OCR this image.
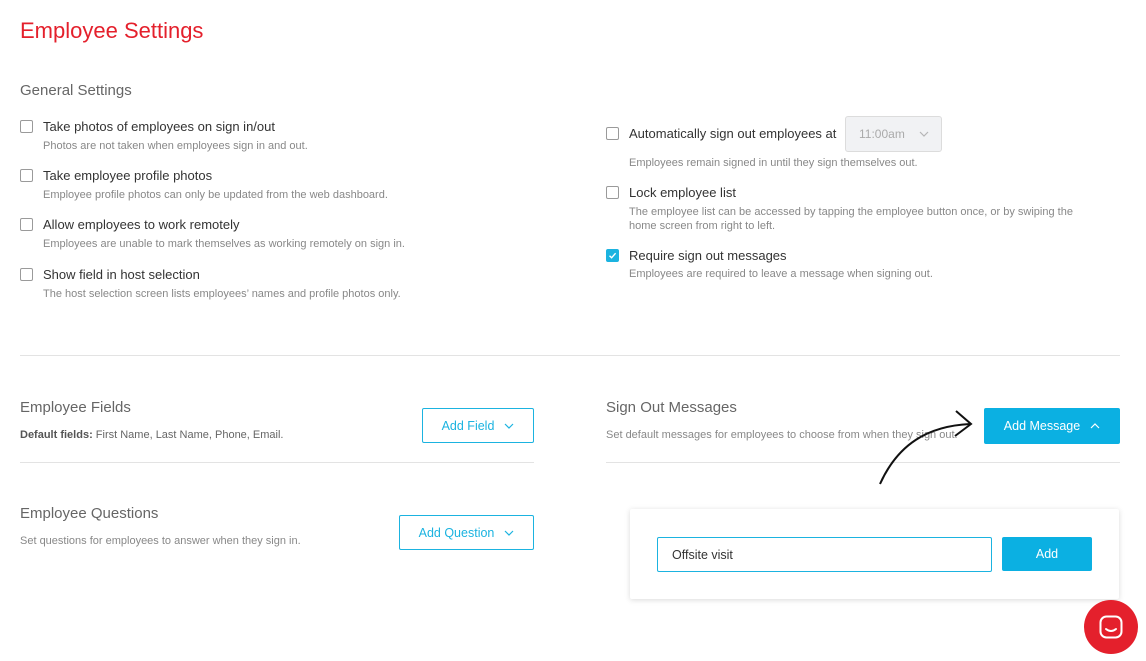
Employee Settings
General Settings
Take photos of employees on sign in/out
Photos are not taken when employees sign in and out.
Take employee profile photos
Employee profile photos can only be updated from the web dashboard.
Allow employees to work remotely
Employees are unable to mark themselves as working remotely on sign in.
Show field in host selection
The host selection screen lists employees’ names and profile photos only.
Automatically sign out employees at 11:00am
Employees remain signed in until they sign themselves out.
Lock employee list
The employee list can be accessed by tapping the employee button once, or by swiping the
home screen from right to left.
Require sign out messages
Employees are required to leave a message when signing out.
Employee Fields
Default fields: First Name, Last Name, Phone, Email.
Add Field
Employee Questions
Set questions for employees to answer when they sign in.
Add Question
Sign Out Messages
Set default messages for employees to choose from when they sign out.
Add Message
Offsite visit
Add
